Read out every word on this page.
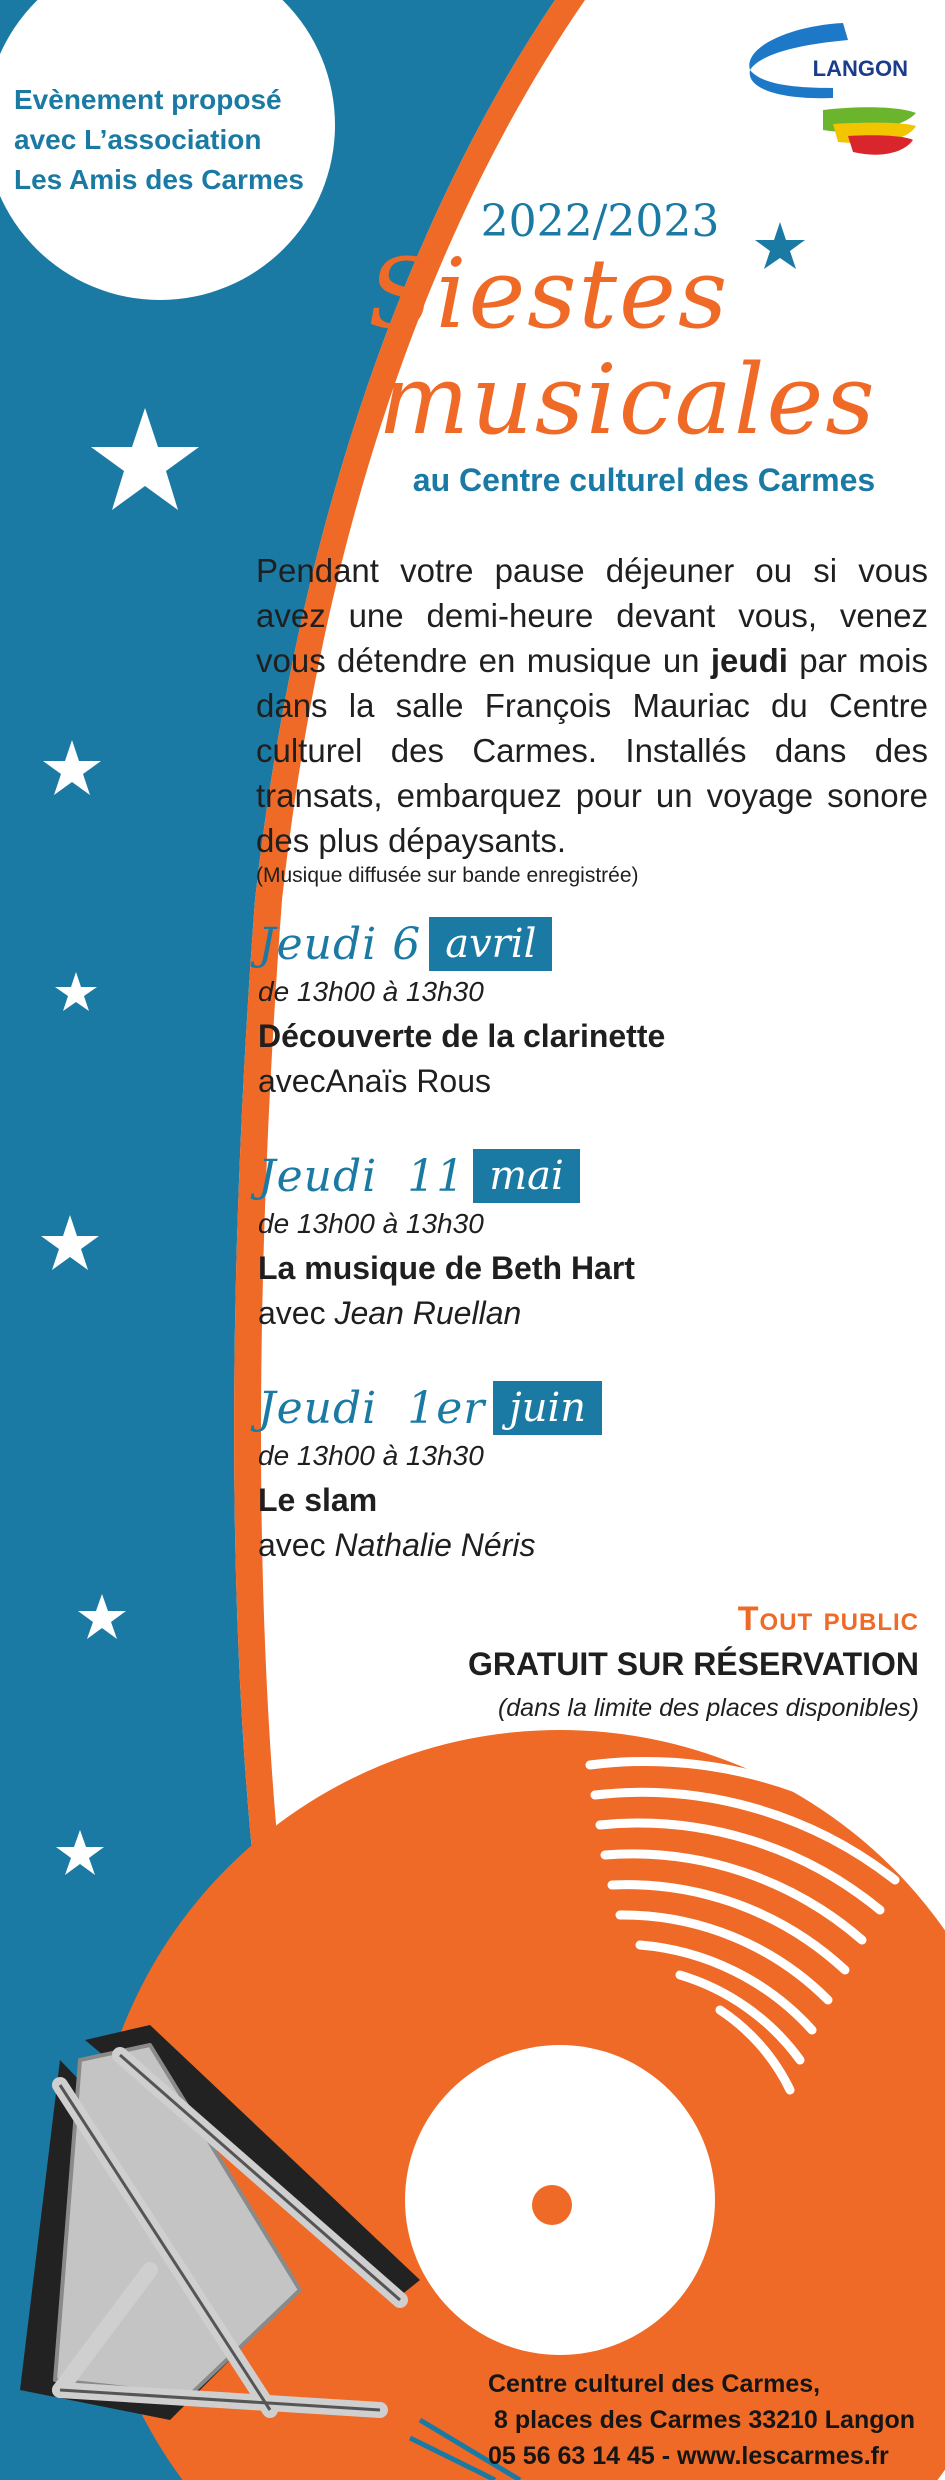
Evènement proposé
avec L’association
Les Amis des Carmes
LANGON
2022/2023
Siestes
musicales
au Centre culturel des Carmes
Pendant votre pause déjeuner ou si vous avez une demi-heure devant vous, venez vous détendre en musique un jeudi par mois dans la salle François Mauriac du Centre culturel des Carmes. Installés dans des transats, embarquez pour un voyage sonore des plus dépaysants.
(Musique diffusée sur bande enregistrée)
Jeudi 6 avril
de 13h00 à 13h30
Découverte de la clarinette
avecAnaïs Rous
Jeudi  11 mai
de 13h00 à 13h30
La musique de Beth Hart
avec Jean Ruellan
Jeudi  1er juin
de 13h00 à 13h30
Le slam
avec Nathalie Néris
Tout public
GRATUIT SUR RÉSERVATION
(dans la limite des places disponibles)
Centre culturel des Carmes,
8 places des Carmes 33210 Langon
05 56 63 14 45 - www.lescarmes.fr
